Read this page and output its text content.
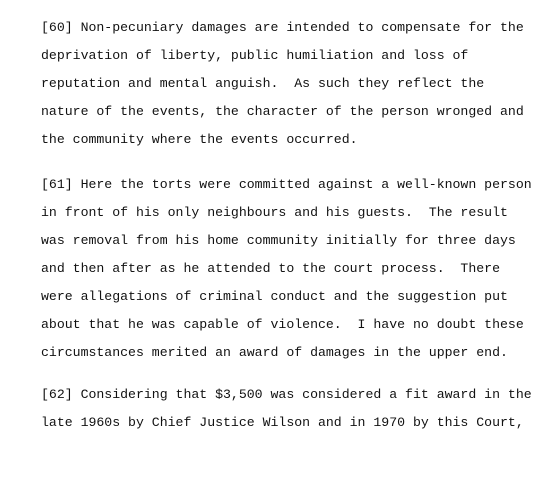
[60] Non-pecuniary damages are intended to compensate for the
deprivation of liberty, public humiliation and loss of
reputation and mental anguish.  As such they reflect the
nature of the events, the character of the person wronged and
the community where the events occurred.
[61] Here the torts were committed against a well-known person
in front of his only neighbours and his guests.  The result
was removal from his home community initially for three days
and then after as he attended to the court process.  There
were allegations of criminal conduct and the suggestion put
about that he was capable of violence.  I have no doubt these
circumstances merited an award of damages in the upper end.
[62] Considering that $3,500 was considered a fit award in the
late 1960s by Chief Justice Wilson and in 1970 by this Court,
